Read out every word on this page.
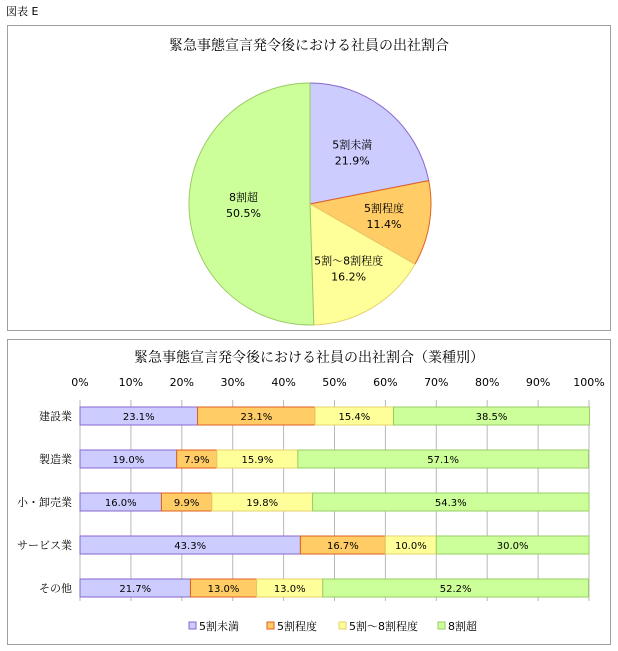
図表 E
緊急事態宣言発令後における社員の出社割合
5割未満
21.9%
5割程度
11.4%
5割～8割程度
16.2%
8割超
50.5%
緊急事態宣言発令後における社員の出社割合（業種別）
0%	10% 20% 30% 40% 50% 60% 70% 80% 90% 100%
建設業	23.1%	23.1%	15.4%	38.5%
製造業	19.0%	7.9%	15.9%	57.1%
小・卸売業	16.0%	9.9%	19.8%	54.3%
サービス業	43.3%	16.7%	10.0%	30.0%
その他	21.7%	13.0%	13.0%	52.2%
5割未満	5割程度	5割～8割程度	8割超
